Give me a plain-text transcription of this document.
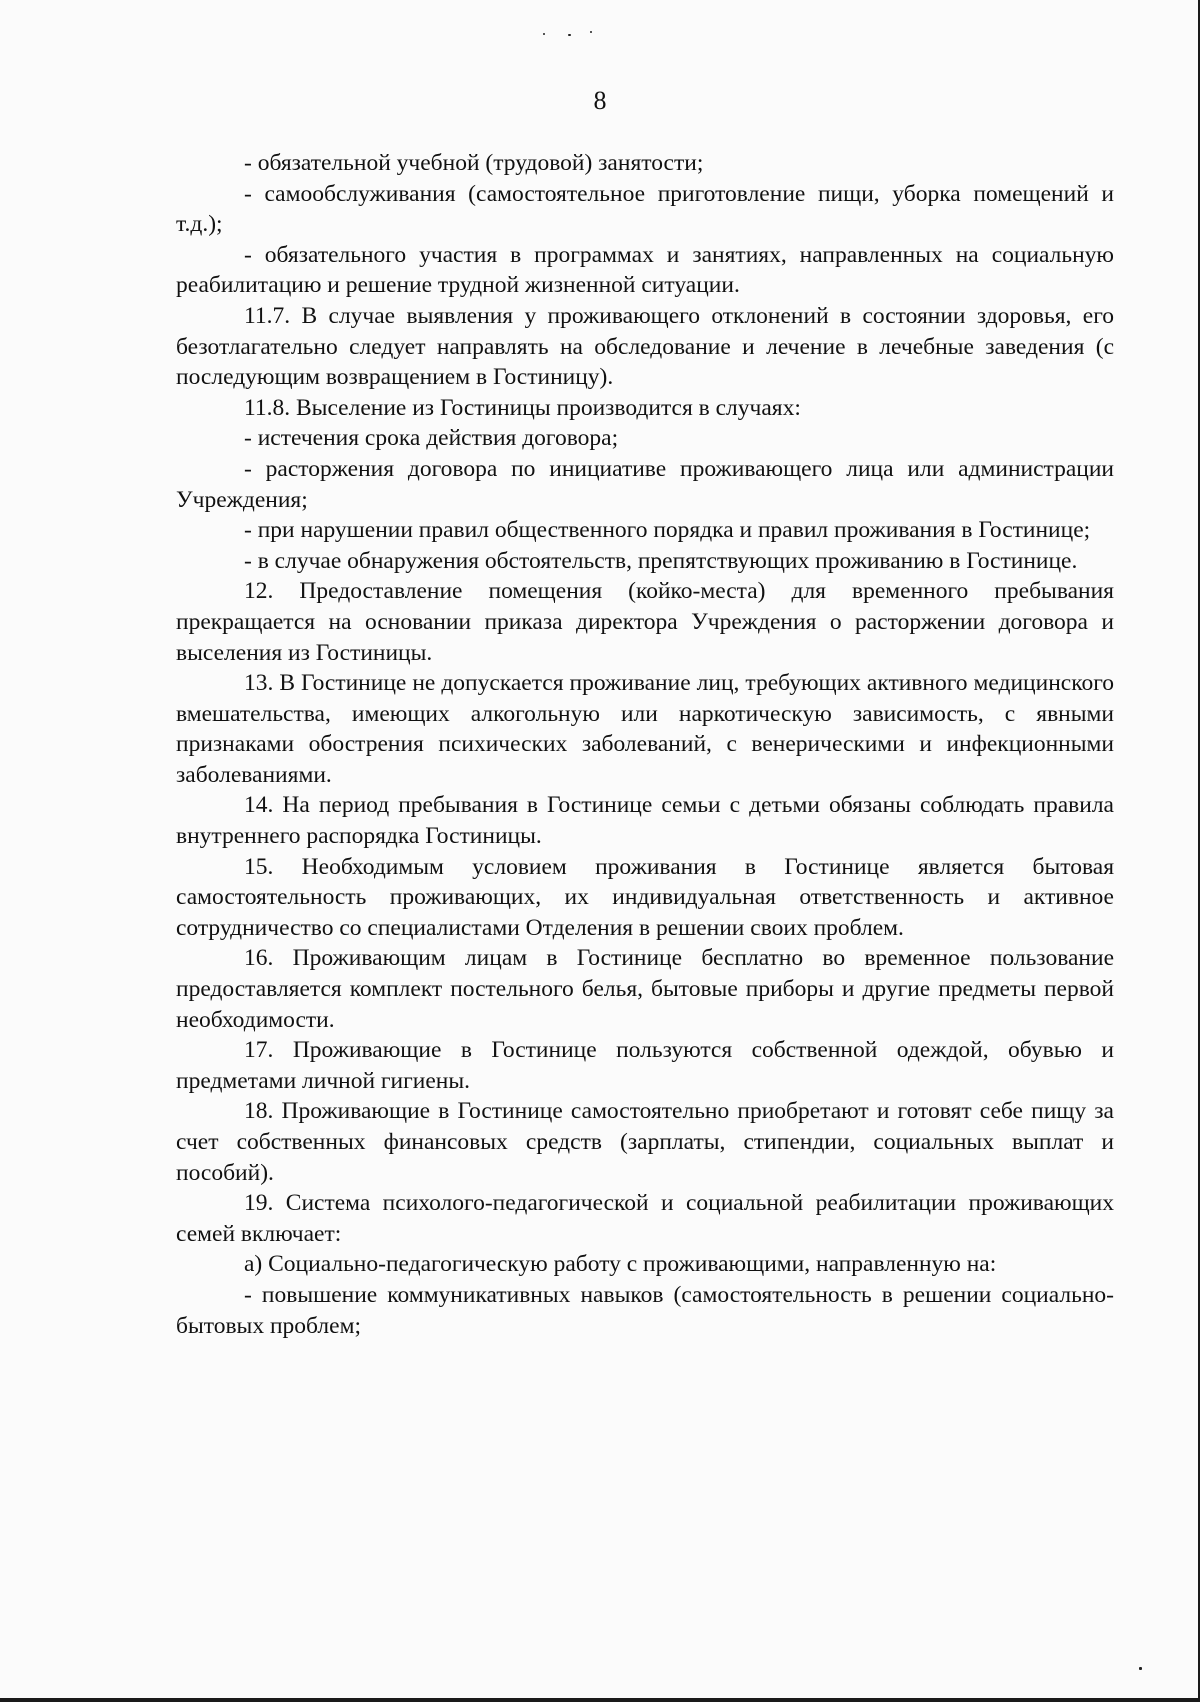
8

- обязательной учебной (трудовой) занятости;

- самообслуживания (самостоятельное приготовление пищи, уборка помещений и т.д.);

- обязательного участия в программах и занятиях, направленных на социальную реабилитацию и решение трудной жизненной ситуации.

11.7. В случае выявления у проживающего отклонений в состоянии здоровья, его безотлагательно следует направлять на обследование и лечение в лечебные заведения (с последующим возвращением в Гостиницу).

11.8. Выселение из Гостиницы производится в случаях:

- истечения срока действия договора;

- расторжения договора по инициативе проживающего лица или администрации Учреждения;

- при нарушении правил общественного порядка и правил проживания в Гостинице;

- в случае обнаружения обстоятельств, препятствующих проживанию в Гостинице.

12. Предоставление помещения (койко-места) для временного пребывания прекращается на основании приказа директора Учреждения о расторжении договора и выселения из Гостиницы.

13. В Гостинице не допускается проживание лиц, требующих активного медицинского вмешательства, имеющих алкогольную или наркотическую зависимость, с явными признаками обострения психических заболеваний, с венерическими и инфекционными заболеваниями.

14. На период пребывания в Гостинице семьи с детьми обязаны соблюдать правила внутреннего распорядка Гостиницы.

15. Необходимым условием проживания в Гостинице является бытовая самостоятельность проживающих, их индивидуальная ответственность и активное сотрудничество со специалистами Отделения в решении своих проблем.

16. Проживающим лицам в Гостинице бесплатно во временное пользование предоставляется комплект постельного белья, бытовые приборы и другие предметы первой необходимости.

17. Проживающие в Гостинице пользуются собственной одеждой, обувью и предметами личной гигиены.

18. Проживающие в Гостинице самостоятельно приобретают и готовят себе пищу за счет собственных финансовых средств (зарплаты, стипендии, социальных выплат и пособий).

19. Система психолого-педагогической и социальной реабилитации проживающих семей включает:

а) Социально-педагогическую работу с проживающими, направленную на:

- повышение коммуникативных навыков (самостоятельность в решении социально-бытовых проблем;
